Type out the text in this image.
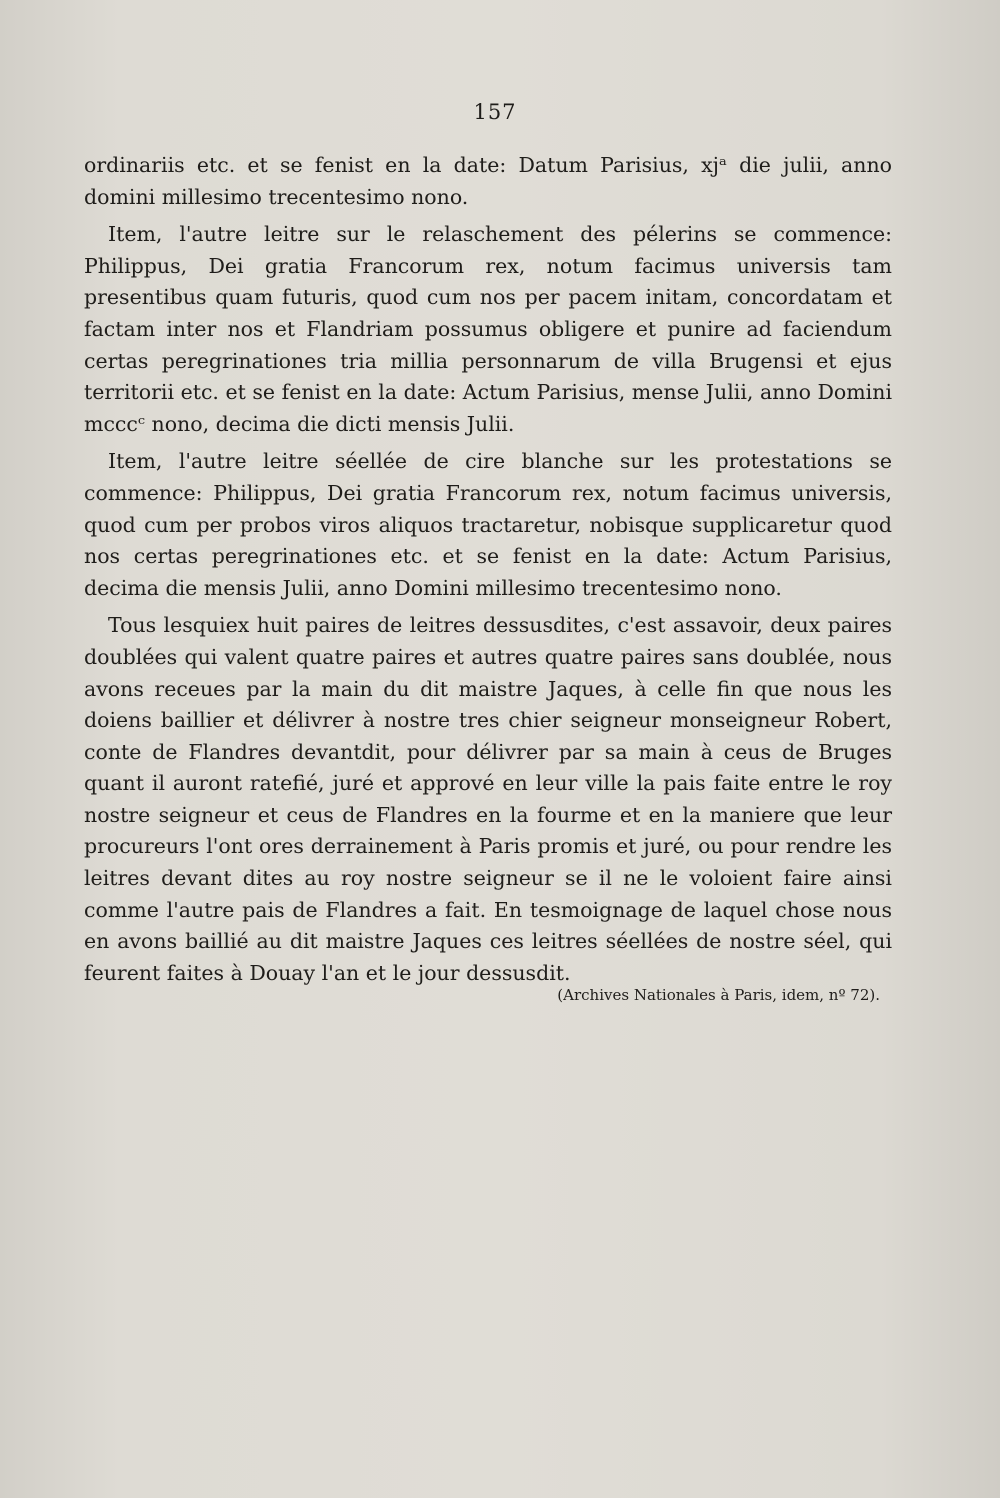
157

ordinariis etc. et se fenist en la date: Datum Parisius, xjᵃ die julii, anno domini millesimo trecentesimo nono.

Item, l'autre leitre sur le relaschement des pélerins se commence: Philippus, Dei gratia Francorum rex, notum facimus universis tam presentibus quam futuris, quod cum nos per pacem initam, concordatam et factam inter nos et Flandriam possumus obligere et punire ad faciendum certas peregrinationes tria millia personnarum de villa Brugensi et ejus territorii etc. et se fenist en la date: Actum Parisius, mense Julii, anno Domini mcccᶜ nono, decima die dicti mensis Julii.

Item, l'autre leitre séellée de cire blanche sur les protestations se commence: Philippus, Dei gratia Francorum rex, notum facimus universis, quod cum per probos viros aliquos tractaretur, nobisque supplicaretur quod nos certas peregrinationes etc. et se fenist en la date: Actum Parisius, decima die mensis Julii, anno Domini millesimo trecentesimo nono.

Tous lesquiex huit paires de leitres dessusdites, c'est assavoir, deux paires doublées qui valent quatre paires et autres quatre paires sans doublée, nous avons receues par la main du dit maistre Jaques, à celle fin que nous les doiens baillier et délivrer à nostre tres chier seigneur monseigneur Robert, conte de Flandres devantdit, pour délivrer par sa main à ceus de Bruges quant il auront ratefié, juré et apprové en leur ville la pais faite entre le roy nostre seigneur et ceus de Flandres en la fourme et en la maniere que leur procureurs l'ont ores derrainement à Paris promis et juré, ou pour rendre les leitres devant dites au roy nostre seigneur se il ne le voloient faire ainsi comme l'autre pais de Flandres a fait. En tesmoignage de laquel chose nous en avons baillié au dit maistre Jaques ces leitres séellées de nostre séel, qui feurent faites à Douay l'an et le jour dessusdit.

(Archives Nationales à Paris, idem, nº 72).
